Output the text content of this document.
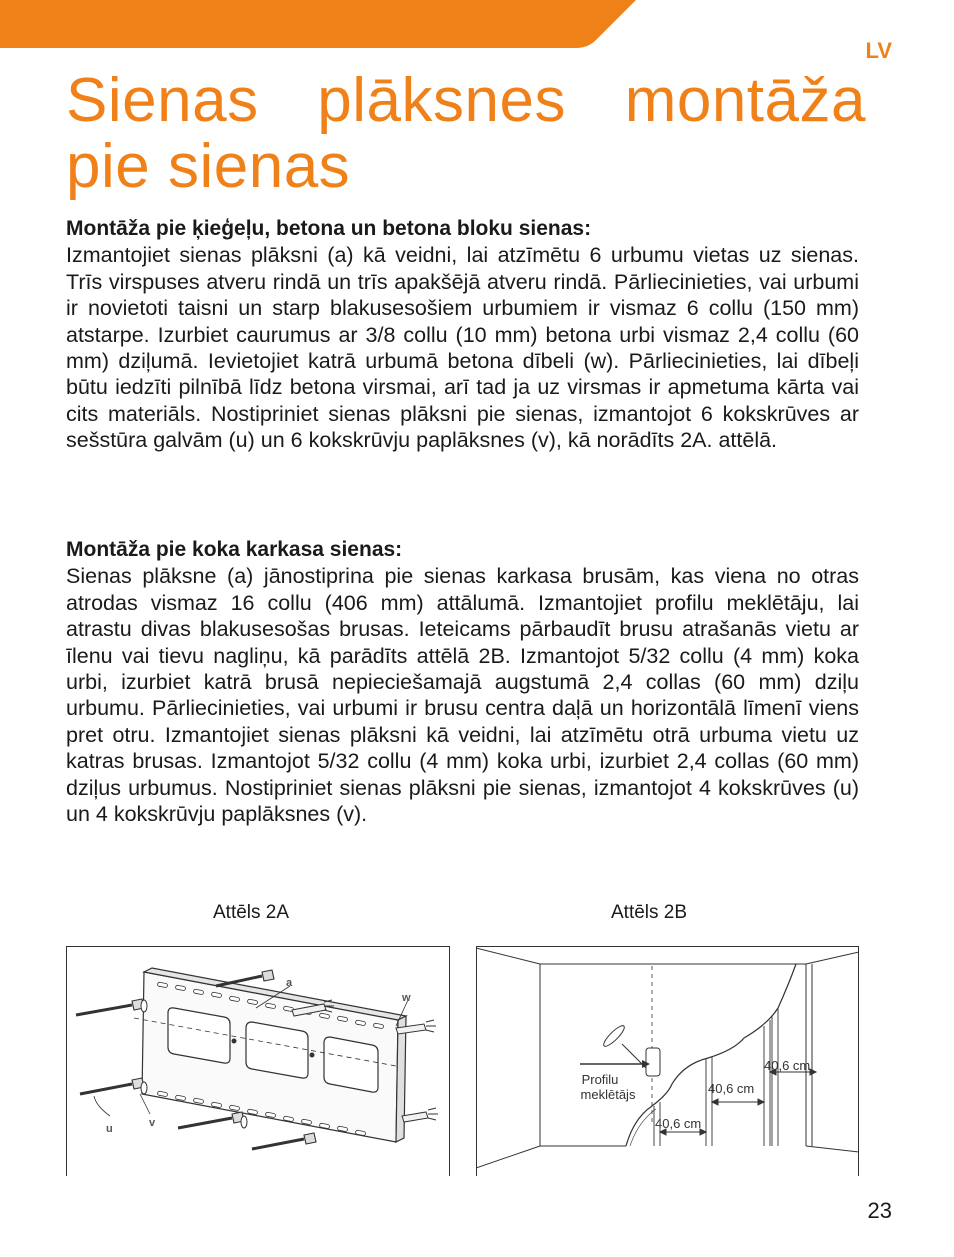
LV
Sienas plāksnes montāža pie sienas

Montāža pie ķieģeļu, betona un betona bloku sienas:

Izmantojiet sienas plāksni (a) kā veidni, lai atzīmētu 6 urbumu vietas uz sienas. Trīs virspuses atveru rindā un trīs apakšējā atveru rindā. Pārliecinieties, vai urbumi ir novietoti taisni un starp blakusesošiem urbumiem ir vismaz 6 collu (150 mm) atstarpe. Izurbiet caurumus ar 3/8 collu (10 mm) betona urbi vismaz 2,4 collu (60 mm) dziļumā. Ievietojiet katrā urbumā betona dībeli (w). Pārliecinieties, lai dībeļi būtu iedzīti pilnībā līdz betona virsmai, arī tad ja uz virsmas ir apmetuma kārta vai cits materiāls. Nostipriniet sienas plāksni pie sienas, izmantojot 6 kokskrūves ar sešstūra galvām (u) un 6 kokskrūvju paplāksnes (v), kā norādīts 2A. attēlā.

Montāža pie koka karkasa sienas:

Sienas plāksne (a) jānostiprina pie sienas karkasa brusām, kas viena no otras atrodas vismaz 16 collu (406 mm) attālumā. Izmantojiet profilu meklētāju, lai atrastu divas blakusesošas brusas. Ieteicams pārbaudīt brusu atrašanās vietu ar īlenu vai tievu nagliņu, kā parādīts attēlā 2B. Izmantojot 5/32 collu (4 mm) koka urbi, izurbiet katrā brusā nepieciešamajā augstumā 2,4 collas (60 mm) dziļu urbumu. Pārliecinieties, vai urbumi ir brusu centra daļā un horizontālā līmenī viens pret otru. Izmantojiet sienas plāksni kā veidni, lai atzīmētu otrā urbuma vietu uz katras brusas. Izmantojot 5/32 collu (4 mm) koka urbi, izurbiet 2,4 collas (60 mm) dziļus urbumus. Nostipriniet sienas plāksni pie sienas, izmantojot 4 kokskrūves (u) un 4 kokskrūvju paplāksnes (v).

Attēls 2A	Attēls 2B
a
w
u	v
Profilu
meklētājs
40,6 cm
40,6 cm
40,6 cm
23
